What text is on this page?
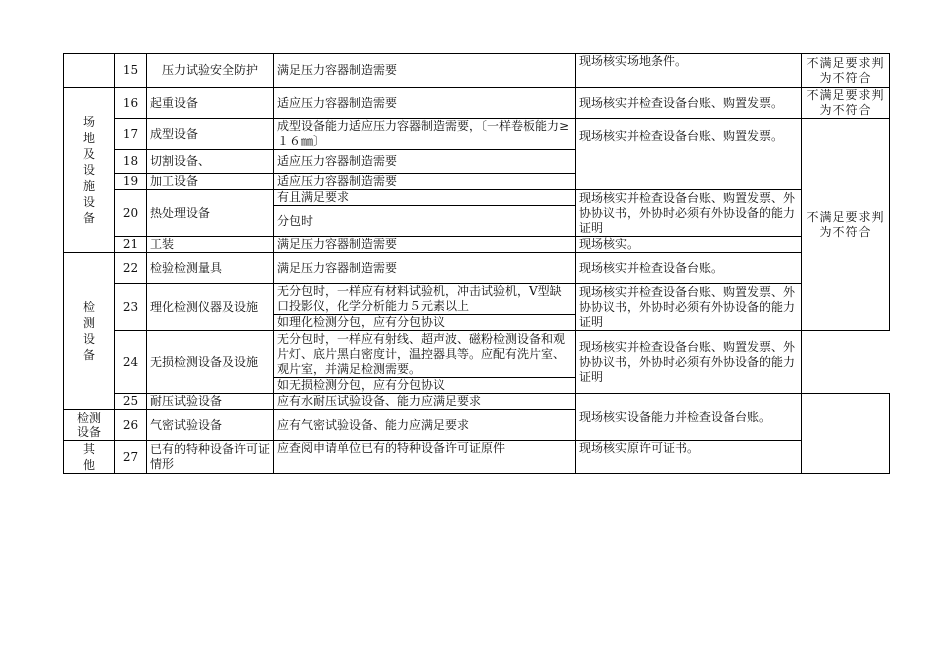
	15	压力试验安全防护	满足压力容器制造需要	现场核实场地条件。	不满足要求判为不符合
场地及设施设备	16	起重设备	适应压力容器制造需要	现场核实并检查设备台账、购置发票。	不满足要求判为不符合
	17	成型设备	成型设备能力适应压力容器制造需要，〔一样卷板能力≥１６㎜〕	现场核实并检查设备台账、购置发票。	不满足要求判为不符合
	18	切割设备、	适应压力容器制造需要		
	19	加工设备	适应压力容器制造需要		
	20	热处理设备	有且满足要求	现场核实并检查设备台账、购置发票、外协协议书，外协时必须有外协设备的能力证明	
			分包时		
	21	工装	满足压力容器制造需要	现场核实。	
检测设备	22	检验检测量具	满足压力容器制造需要	现场核实并检查设备台账。	
	23	理化检测仪器及设施	无分包时，一样应有材料试验机，冲击试验机，V型缺口投影仪，化学分析能力５元素以上	现场核实并检查设备台账、购置发票、外协协议书，外协时必须有外协设备的能力证明	
			如理化检测分包，应有分包协议		
	24	无损检测设备及设施	无分包时，一样应有射线、超声波、磁粉检测设备和观片灯、底片黑白密度计，温控器具等。应配有洗片室、观片室，并满足检测需要。	现场核实并检查设备台账、购置发票、外协协议书，外协时必须有外协设备的能力证明	
			如无损检测分包，应有分包协议		
	25	耐压试验设备	应有水耐压试验设备、能力应满足要求	现场核实设备能力并检查设备台账。	
检测设备	26	气密试验设备	应有气密试验设备、能力应满足要求		
其他	27	已有的特种设备许可证情形	应查阅申请单位已有的特种设备许可证原件	现场核实原许可证书。	
